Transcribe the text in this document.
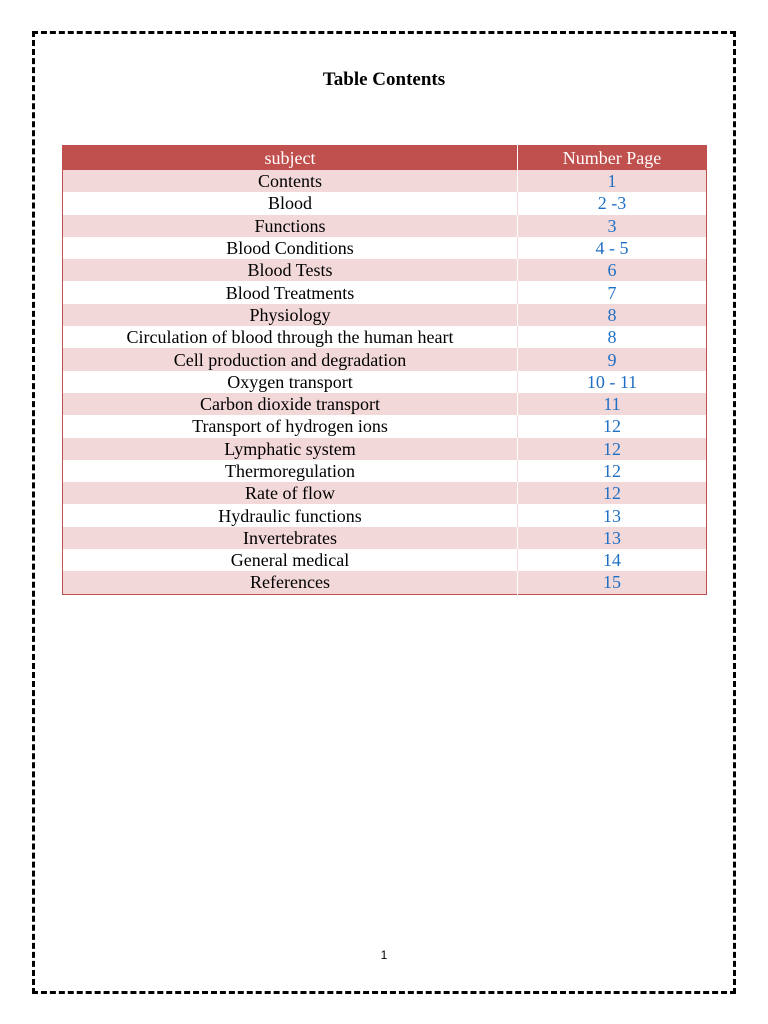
Table Contents
subject	Number Page
Contents	1
Blood	2 -3
Functions	3
Blood Conditions	4 - 5
Blood Tests	6
Blood Treatments	7
Physiology	8
Circulation of blood through the human heart	8
Cell production and degradation	9
Oxygen transport	10 - 11
Carbon dioxide transport	11
Transport of hydrogen ions	12
Lymphatic system	12
Thermoregulation	12
Rate of flow	12
Hydraulic functions	13
Invertebrates	13
General medical	14
References	15
1
